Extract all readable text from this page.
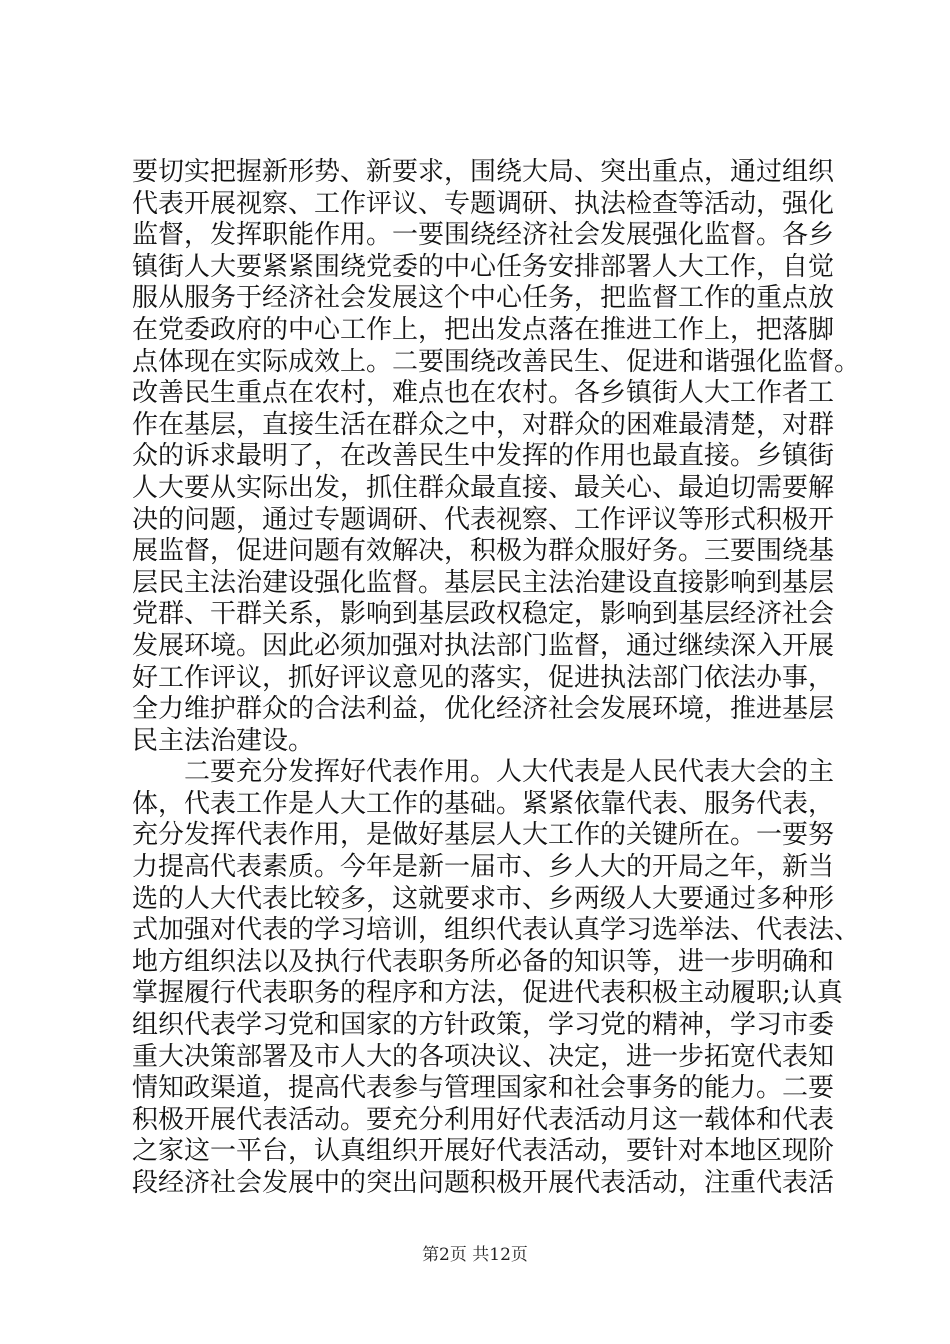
要切实把握新形势、新要求，围绕大局、突出重点，通过组织
代表开展视察、工作评议、专题调研、执法检查等活动，强化
监督，发挥职能作用。一要围绕经济社会发展强化监督。各乡
镇街人大要紧紧围绕党委的中心任务安排部署人大工作，自觉
服从服务于经济社会发展这个中心任务，把监督工作的重点放
在党委政府的中心工作上，把出发点落在推进工作上，把落脚
点体现在实际成效上。二要围绕改善民生、促进和谐强化监督。
改善民生重点在农村，难点也在农村。各乡镇街人大工作者工
作在基层，直接生活在群众之中，对群众的困难最清楚，对群
众的诉求最明了，在改善民生中发挥的作用也最直接。乡镇街
人大要从实际出发，抓住群众最直接、最关心、最迫切需要解
决的问题，通过专题调研、代表视察、工作评议等形式积极开
展监督，促进问题有效解决，积极为群众服好务。三要围绕基
层民主法治建设强化监督。基层民主法治建设直接影响到基层
党群、干群关系，影响到基层政权稳定，影响到基层经济社会
发展环境。因此必须加强对执法部门监督，通过继续深入开展
好工作评议，抓好评议意见的落实，促进执法部门依法办事，
全力维护群众的合法利益，优化经济社会发展环境，推进基层
民主法治建设。
二要充分发挥好代表作用。人大代表是人民代表大会的主
体，代表工作是人大工作的基础。紧紧依靠代表、服务代表，
充分发挥代表作用，是做好基层人大工作的关键所在。一要努
力提高代表素质。今年是新一届市、乡人大的开局之年，新当
选的人大代表比较多，这就要求市、乡两级人大要通过多种形
式加强对代表的学习培训，组织代表认真学习选举法、代表法、
地方组织法以及执行代表职务所必备的知识等，进一步明确和
掌握履行代表职务的程序和方法，促进代表积极主动履职;认真
组织代表学习党和国家的方针政策，学习党的精神，学习市委
重大决策部署及市人大的各项决议、决定，进一步拓宽代表知
情知政渠道，提高代表参与管理国家和社会事务的能力。二要
积极开展代表活动。要充分利用好代表活动月这一载体和代表
之家这一平台，认真组织开展好代表活动，要针对本地区现阶
段经济社会发展中的突出问题积极开展代表活动，注重代表活
第2页 共12页
